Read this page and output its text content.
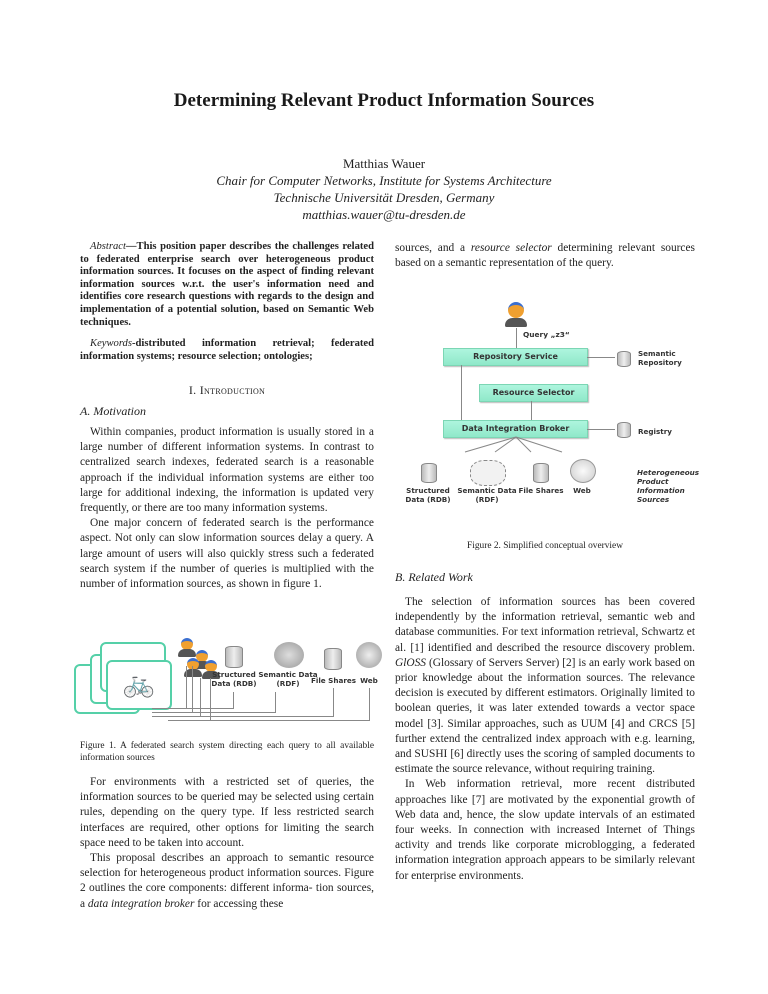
Determining Relevant Product Information Sources
Matthias Wauer
Chair for Computer Networks, Institute for Systems Architecture
Technische Universität Dresden, Germany
matthias.wauer@tu-dresden.de
Abstract—This position paper describes the challenges related to federated enterprise search over heterogeneous product information sources. It focuses on the aspect of finding relevant information sources w.r.t. the user's information need and identifies core research questions with regards to the design and implementation of a potential solution, based on Semantic Web techniques.
Keywords-distributed information retrieval; federated information systems; resource selection; ontologies;
I. Introduction
A. Motivation

Within companies, product information is usually stored in a large number of different information systems. In contrast to centralized search indexes, federated search is a reasonable approach if the individual information systems are either too large for additional indexing, the information is updated very frequently, or there are too many information systems.

One major concern of federated search is the performance aspect. Not only can slow information sources delay a query. A large amount of users will also quickly stress such a federated search system if the number of queries is multiplied with the number of information sources, as shown in figure 1.

🚲	Structured Data (RDB)
Semantic Data (RDF)	File Shares Web
Figure 1. A federated search system directing each query to all available information sources

For environments with a restricted set of queries, the information sources to be queried may be selected using certain rules, depending on the query type. If less restricted search interfaces are required, other options for limiting the search space need to be taken into account.

This proposal describes an approach to semantic resource selection for heterogeneous product information sources. Figure 2 outlines the core components: different informa- tion sources, a data integration broker for accessing these

sources, and a resource selector determining relevant sources based on a semantic representation of the query.
Query „z3“
Repository Service	Semantic Repository
Resource Selector
Data Integration Broker	Registry
Structured Data (RDB)
Semantic Data (RDF)
File Shares	Web
Heterogeneous Product Information Sources
Figure 2. Simplified conceptual overview
B. Related Work

The selection of information sources has been covered independently by the information retrieval, semantic web and database communities. For text information retrieval, Schwartz et al. [1] identified and described the resource discovery problem. GlOSS (Glossary of Servers Server) [2] is an early work based on prior knowledge about the information sources. The relevance decision is executed by different estimators. Originally limited to boolean queries, it was later extended towards a vector space model [3]. Similar approaches, such as UUM [4] and CRCS [5] further extend the centralized index approach with e.g. learning, and SUSHI [6] directly uses the scoring of sampled documents to estimate the source relevance, without requiring training.

In Web information retrieval, more recent distributed approaches like [7] are motivated by the exponential growth of Web data and, hence, the slow update intervals of an estimated four weeks. In connection with increased Internet of Things activity and trends like corporate microblogging, a federated information integration approach appears to be similarly relevant for enterprise environments.
